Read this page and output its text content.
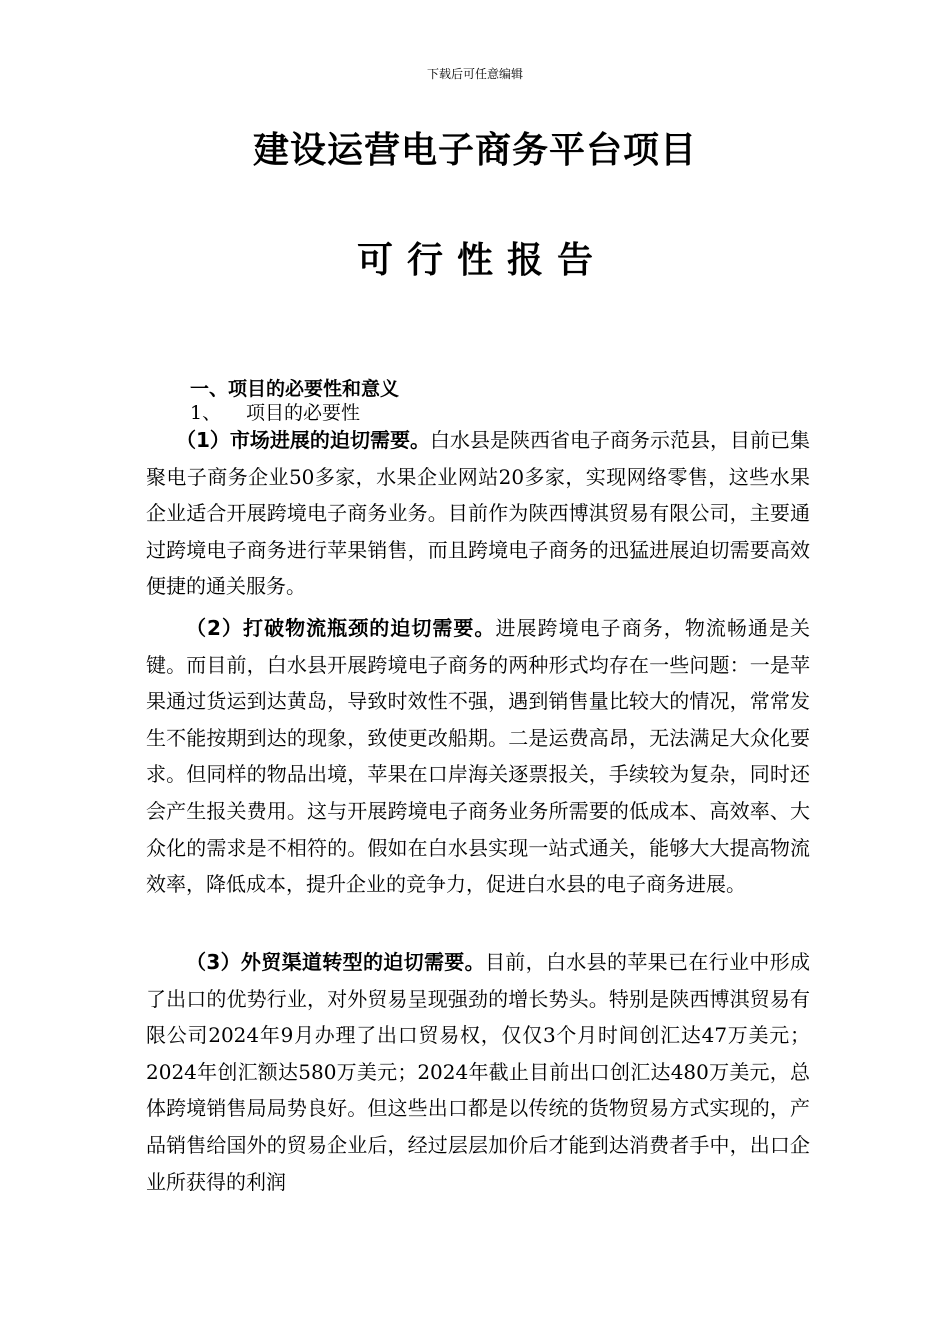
下载后可任意编辑
建设运营电子商务平台项目
可行性报告
一、项目的必要性和意义
1、	项目的必要性

（1）市场进展的迫切需要。白水县是陕西省电子商务示范县，目前已集聚电子商务企业50多家，水果企业网站20多家，实现网络零售，这些水果企业适合开展跨境电子商务业务。目前作为陕西博淇贸易有限公司，主要通过跨境电子商务进行苹果销售，而且跨境电子商务的迅猛进展迫切需要高效便捷的通关服务。

（2）打破物流瓶颈的迫切需要。进展跨境电子商务，物流畅通是关键。而目前，白水县开展跨境电子商务的两种形式均存在一些问题：一是苹果通过货运到达黄岛，导致时效性不强，遇到销售量比较大的情况，常常发生不能按期到达的现象，致使更改船期。二是运费高昂，无法满足大众化要求。但同样的物品出境，苹果在口岸海关逐票报关，手续较为复杂，同时还会产生报关费用。这与开展跨境电子商务业务所需要的低成本、高效率、大众化的需求是不相符的。假如在白水县实现一站式通关，能够大大提高物流效率，降低成本，提升企业的竞争力，促进白水县的电子商务进展。

（3）外贸渠道转型的迫切需要。目前，白水县的苹果已在行业中形成了出口的优势行业，对外贸易呈现强劲的增长势头。特别是陕西博淇贸易有限公司2024年9月办理了出口贸易权，仅仅3个月时间创汇达47万美元；2024年创汇额达580万美元；2024年截止目前出口创汇达480万美元，总体跨境销售局局势良好。但这些出口都是以传统的货物贸易方式实现的，产品销售给国外的贸易企业后，经过层层加价后才能到达消费者手中，出口企业所获得的利润
